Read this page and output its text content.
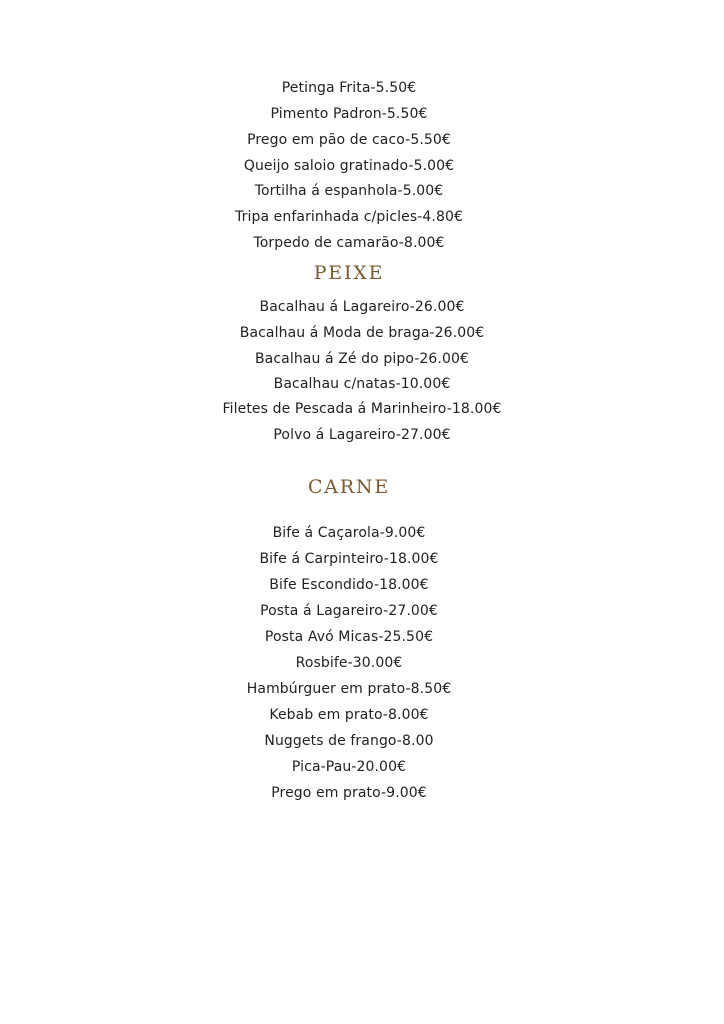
Petinga Frita-5.50€
Pimento Padron-5.50€
Prego em pão de caco-5.50€
Queijo saloio gratinado-5.00€
Tortilha á espanhola-5.00€
Tripa enfarinhada c/picles-4.80€
Torpedo de camarão-8.00€
PEIXE
Bacalhau á Lagareiro-26.00€
Bacalhau á Moda de braga-26.00€
Bacalhau á Zé do pipo-26.00€
Bacalhau c/natas-10.00€
Filetes de Pescada á Marinheiro-18.00€
Polvo á Lagareiro-27.00€
CARNE
Bife á Caçarola-9.00€
Bife á Carpinteiro-18.00€
Bife Escondido-18.00€
Posta á Lagareiro-27.00€
Posta Avó Micas-25.50€
Rosbife-30.00€
Hambúrguer em prato-8.50€
Kebab em prato-8.00€
Nuggets de frango-8.00
Pica-Pau-20.00€
Prego em prato-9.00€
